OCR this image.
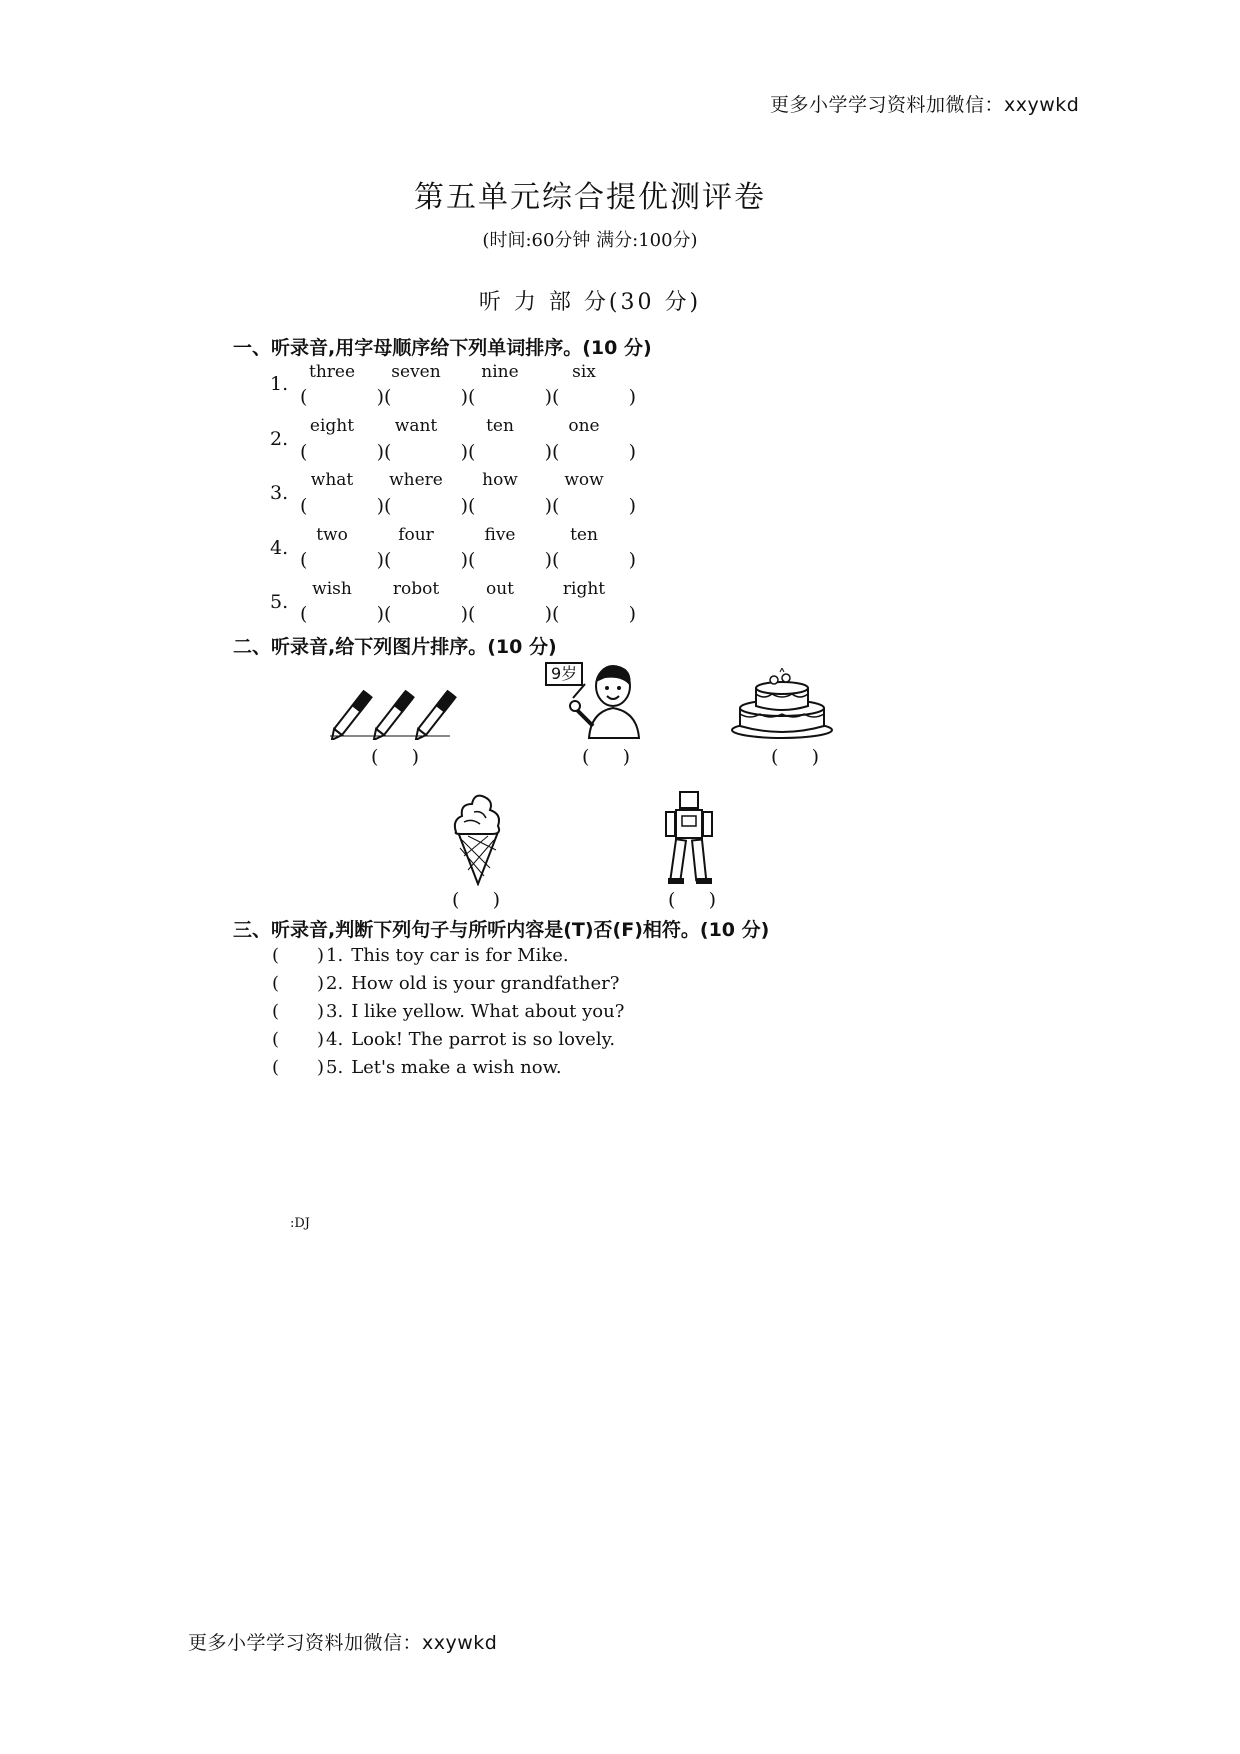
更多小学学习资料加微信：xxywkd
第五单元综合提优测评卷
(时间:60分钟 满分:100分)
听 力 部 分(30 分)
一、听录音,用字母顺序给下列单词排序。(10 分)
1.
three	seven	nine	six
(	) (	) (	) (	)
2.
eight	want	ten	one
(	) (	) (	) (	)
3.
what	where	how	wow
(	) (	) (	) (	)
4.
two	four	five	ten
(	) (	) (	) (	)
5.
wish	robot	out	right
(	) (	) (	) (	)
二、听录音,给下列图片排序。(10 分)
9岁
( )	( )	( )
( )	( )
三、听录音,判断下列句子与所听内容是(T)否(F)相符。(10 分)
( ) 1. This toy car is for Mike.
( ) 2. How old is your grandfather?
( ) 3. I like yellow. What about you?
( ) 4. Look! The parrot is so lovely.
( ) 5. Let's make a wish now.
:DJ
更多小学学习资料加微信：xxywkd
